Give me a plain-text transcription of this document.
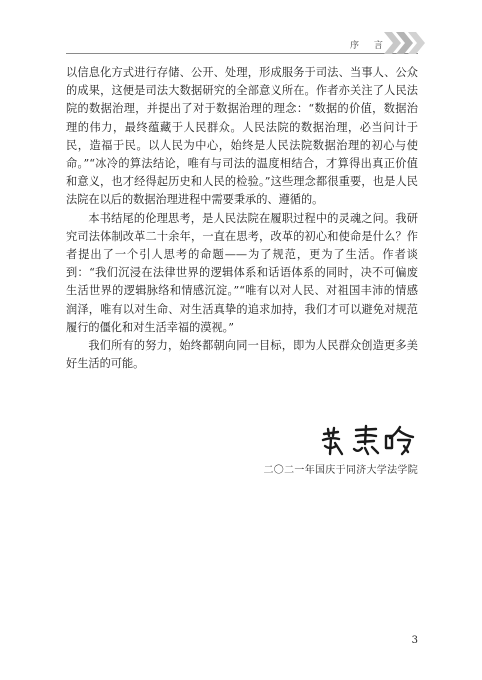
序 言

以信息化方式进行存储、公开、处理，形成服务于司法、当事人、公众的成果，这便是司法大数据研究的全部意义所在。作者亦关注了人民法院的数据治理，并提出了对于数据治理的理念：“数据的价值，数据治理的伟力，最终蕴藏于人民群众。人民法院的数据治理，必当问计于民，造福于民。以人民为中心，始终是人民法院数据治理的初心与使命。”“冰冷的算法结论，唯有与司法的温度相结合，才算得出真正价值和意义，也才经得起历史和人民的检验。”这些理念都很重要，也是人民法院在以后的数据治理进程中需要秉承的、遵循的。

本书结尾的伦理思考，是人民法院在履职过程中的灵魂之问。我研究司法体制改革二十余年，一直在思考，改革的初心和使命是什么？作者提出了一个引人思考的命题——为了规范，更为了生活。作者谈到：“我们沉浸在法律世界的逻辑体系和话语体系的同时，决不可偏废生活世界的逻辑脉络和情感沉淀。”“唯有以对人民、对祖国丰沛的情感润泽，唯有以对生命、对生活真挚的追求加持，我们才可以避免对规范履行的僵化和对生活幸福的漠视。”

我们所有的努力，始终都朝向同一目标，即为人民群众创造更多美好生活的可能。

二〇二一年国庆于同济大学法学院
3
